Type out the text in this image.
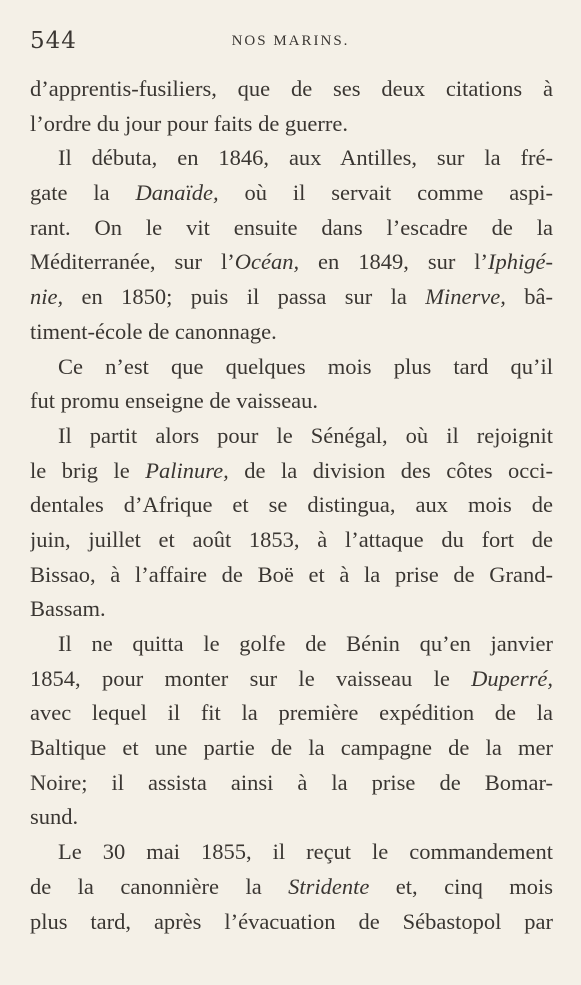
544	NOS MARINS.
d’apprentis-fusiliers, que de ses deux citations à
l’ordre du jour pour faits de guerre.
Il débuta, en 1846, aux Antilles, sur la fré-
gate la Danaïde, où il servait comme aspi-
rant. On le vit ensuite dans l’escadre de la
Méditerranée, sur l’Océan, en 1849, sur l’Iphigé-
nie, en 1850; puis il passa sur la Minerve, bâ-
timent-école de canonnage.
Ce n’est que quelques mois plus tard qu’il
fut promu enseigne de vaisseau.
Il partit alors pour le Sénégal, où il rejoignit
le brig le Palinure, de la division des côtes occi-
dentales d’Afrique et se distingua, aux mois de
juin, juillet et août 1853, à l’attaque du fort de
Bissao, à l’affaire de Boë et à la prise de Grand-
Bassam.
Il ne quitta le golfe de Bénin qu’en janvier
1854, pour monter sur le vaisseau le Duperré,
avec lequel il fit la première expédition de la
Baltique et une partie de la campagne de la mer
Noire; il assista ainsi à la prise de Bomar-
sund.
Le 30 mai 1855, il reçut le commandement
de la canonnière la Stridente et, cinq mois
plus tard, après l’évacuation de Sébastopol par
